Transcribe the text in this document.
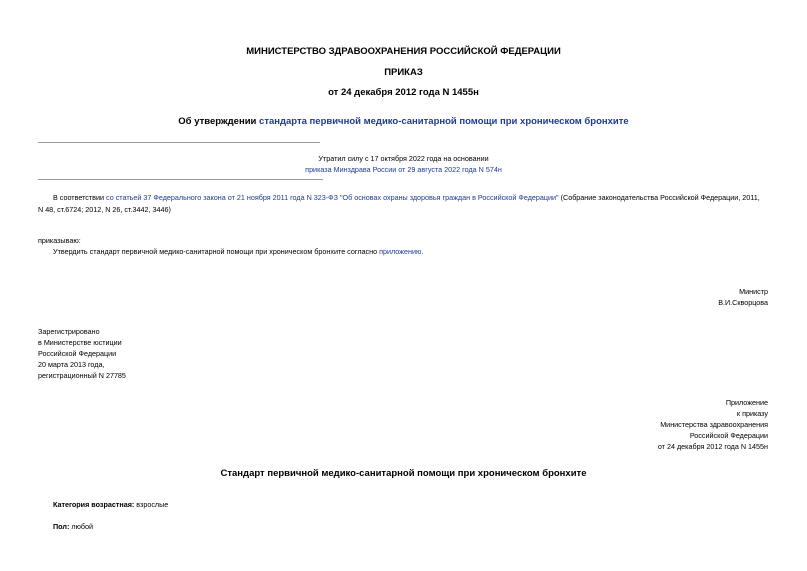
МИНИСТЕРСТВО ЗДРАВООХРАНЕНИЯ РОССИЙСКОЙ ФЕДЕРАЦИИ
ПРИКАЗ
от 24 декабря 2012 года N 1455н
Об утверждении стандарта первичной медико-санитарной помощи при хроническом бронхите
Утратил силу с 17 октября 2022 года на основании
приказа Минздрава России от 29 августа 2022 года N 574н
В соответствии со статьей 37 Федерального закона от 21 ноября 2011 года N 323-ФЗ "Об основах охраны здоровья граждан в Российской Федерации" (Собрание законодательства Российской Федерации, 2011,
N 48, ст.6724; 2012, N 26, ст.3442, 3446)
приказываю:
Утвердить стандарт первичной медико-санитарной помощи при хроническом бронхите согласно приложению.
Министр
В.И.Скворцова
Зарегистрировано
в Министерстве юстиции
Российской Федерации
20 марта 2013 года,
регистрационный N 27785
Приложение
к приказу
Министерства здравоохранения
Российской Федерации
от 24 декабря 2012 года N 1455н
Стандарт первичной медико-санитарной помощи при хроническом бронхите
Категория возрастная: взрослые
Пол: любой
